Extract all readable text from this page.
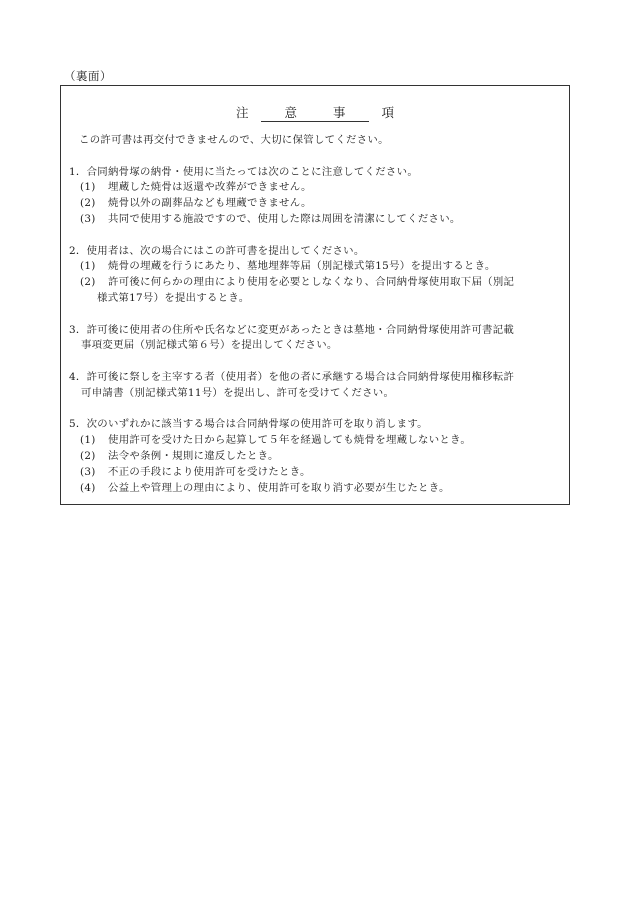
（裏面）
注 意 事 項
この許可書は再交付できませんので、大切に保管してください。
1．合同納骨塚の納骨・使用に当たっては次のことに注意してください。
(1) 埋蔵した焼骨は返還や改葬ができません。
(2) 焼骨以外の副葬品なども埋蔵できません。
(3) 共同で使用する施設ですので、使用した際は周囲を清潔にしてください。
2．使用者は、次の場合にはこの許可書を提出してください。
(1) 焼骨の埋蔵を行うにあたり、墓地埋葬等届（別記様式第15号）を提出するとき。
(2) 許可後に何らかの理由により使用を必要としなくなり、合同納骨塚使用取下届（別記
様式第17号）を提出するとき。
3．許可後に使用者の住所や氏名などに変更があったときは墓地・合同納骨塚使用許可書記載
事項変更届（別記様式第６号）を提出してください。
4．許可後に祭しを主宰する者（使用者）を他の者に承継する場合は合同納骨塚使用権移転許
可申請書（別記様式第11号）を提出し、許可を受けてください。
5．次のいずれかに該当する場合は合同納骨塚の使用許可を取り消します。
(1) 使用許可を受けた日から起算して５年を経過しても焼骨を埋蔵しないとき。
(2) 法令や条例・規則に違反したとき。
(3) 不正の手段により使用許可を受けたとき。
(4) 公益上や管理上の理由により、使用許可を取り消す必要が生じたとき。
